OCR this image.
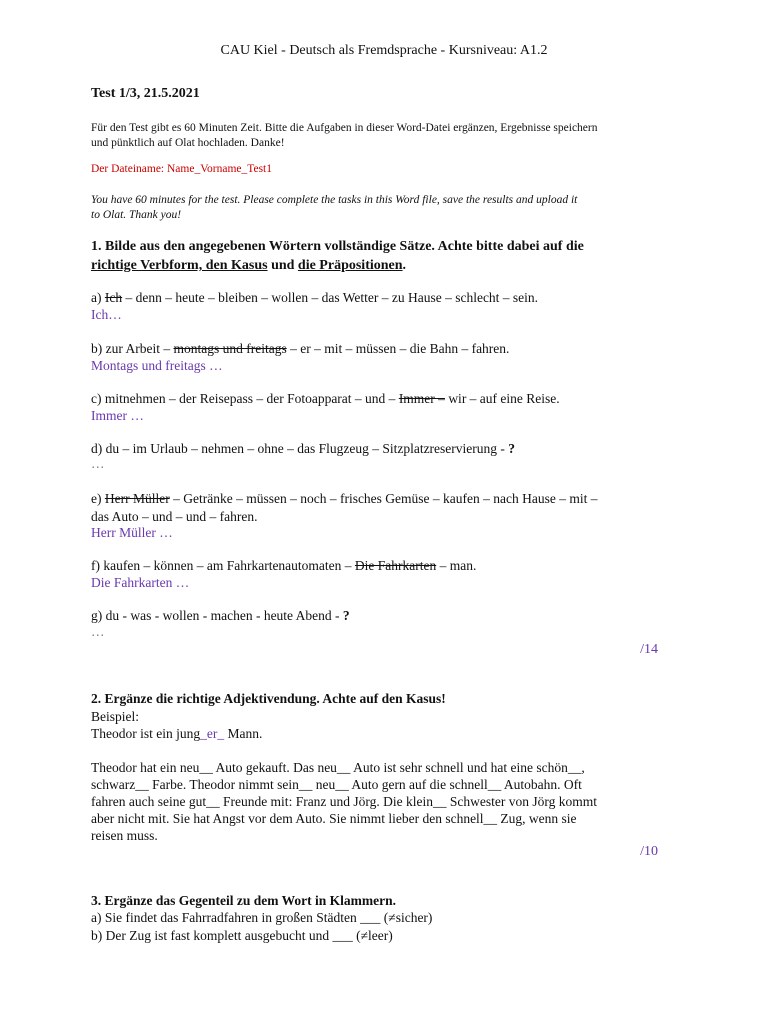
CAU Kiel - Deutsch als Fremdsprache - Kursniveau: A1.2
Test 1/3, 21.5.2021
Für den Test gibt es 60 Minuten Zeit. Bitte die Aufgaben in dieser Word-Datei ergänzen, Ergebnisse speichern
und pünktlich auf Olat hochladen. Danke!
Der Dateiname: Name_Vorname_Test1
You have 60 minutes for the test. Please complete the tasks in this Word file, save the results and upload it
to Olat. Thank you!
1. Bilde aus den angegebenen Wörtern vollständige Sätze. Achte bitte dabei auf die
richtige Verbform, den Kasus und die Präpositionen.
a) Ich – denn – heute – bleiben – wollen – das Wetter – zu Hause – schlecht – sein.
Ich…
b) zur Arbeit – montags und freitags – er – mit – müssen – die Bahn – fahren.
Montags und freitags …
c) mitnehmen – der Reisepass – der Fotoapparat – und – Immer – wir – auf eine Reise.
Immer …
d) du – im Urlaub – nehmen – ohne – das Flugzeug – Sitzplatzreservierung - ?
…
e) Herr Müller – Getränke – müssen – noch – frisches Gemüse – kaufen – nach Hause – mit –
das Auto – und – und – fahren.
Herr Müller …
f) kaufen – können – am Fahrkartenautomaten – Die Fahrkarten – man.
Die Fahrkarten …
g) du - was - wollen - machen - heute Abend - ?
…
/14
2. Ergänze die richtige Adjektivendung. Achte auf den Kasus!
Beispiel:
Theodor ist ein jung_er_ Mann.
Theodor hat ein neu__ Auto gekauft. Das neu__ Auto ist sehr schnell und hat eine schön__,
schwarz__ Farbe. Theodor nimmt sein__ neu__ Auto gern auf die schnell__ Autobahn. Oft
fahren auch seine gut__ Freunde mit: Franz und Jörg. Die klein__ Schwester von Jörg kommt
aber nicht mit. Sie hat Angst vor dem Auto. Sie nimmt lieber den schnell__ Zug, wenn sie
reisen muss.
/10
3. Ergänze das Gegenteil zu dem Wort in Klammern.
a) Sie findet das Fahrradfahren in großen Städten ___ (≠sicher)
b) Der Zug ist fast komplett ausgebucht und ___ (≠leer)
